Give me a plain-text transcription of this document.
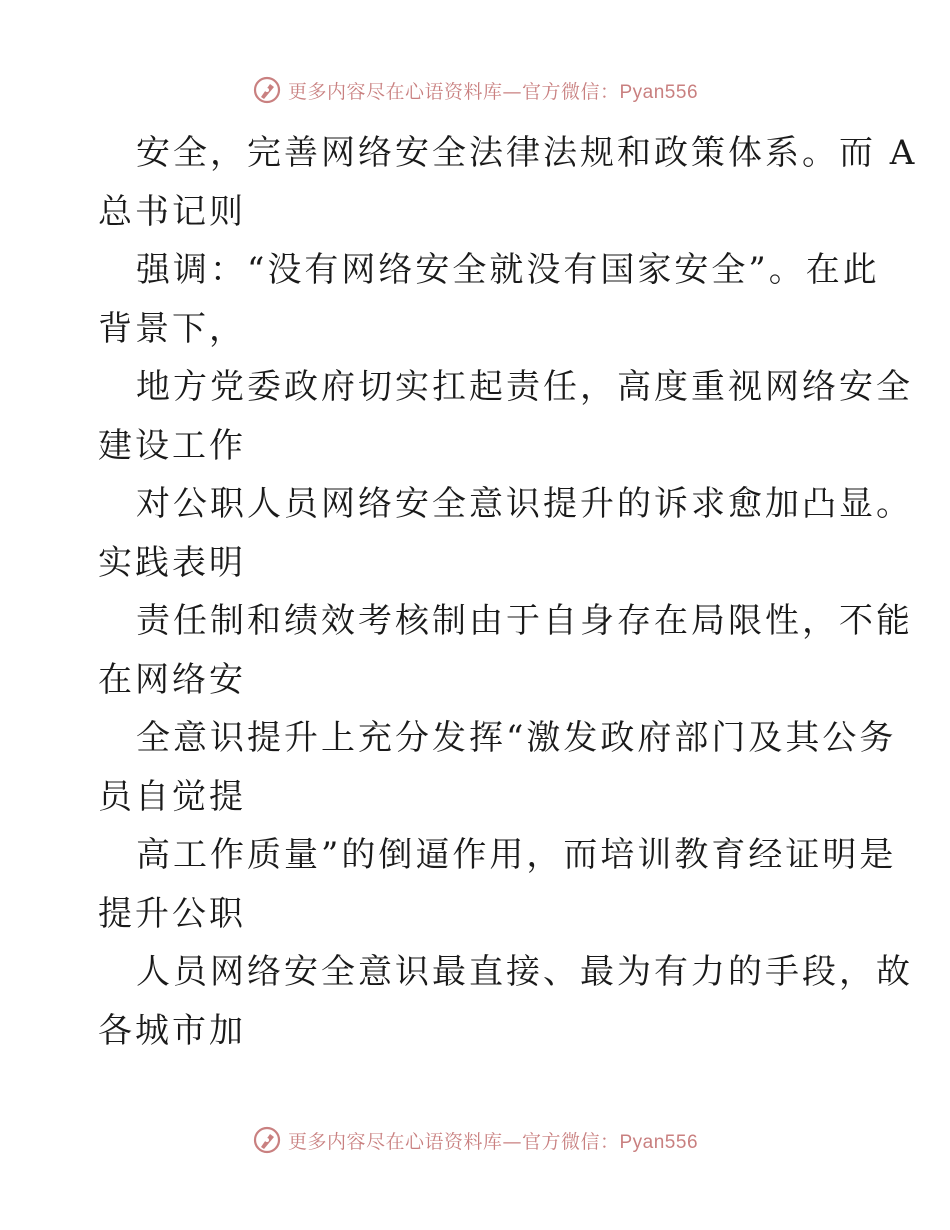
更多内容尽在心语资料库—官方微信：Pyan556
安全，完善网络安全法律法规和政策体系。而 A
总书记则
强调：“没有网络安全就没有国家安全”。在此
背景下，
地方党委政府切实扛起责任，高度重视网络安全
建设工作
对公职人员网络安全意识提升的诉求愈加凸显。
实践表明
责任制和绩效考核制由于自身存在局限性，不能
在网络安
全意识提升上充分发挥“激发政府部门及其公务
员自觉提
高工作质量”的倒逼作用，而培训教育经证明是
提升公职
人员网络安全意识最直接、最为有力的手段，故
各城市加
更多内容尽在心语资料库—官方微信：Pyan556
